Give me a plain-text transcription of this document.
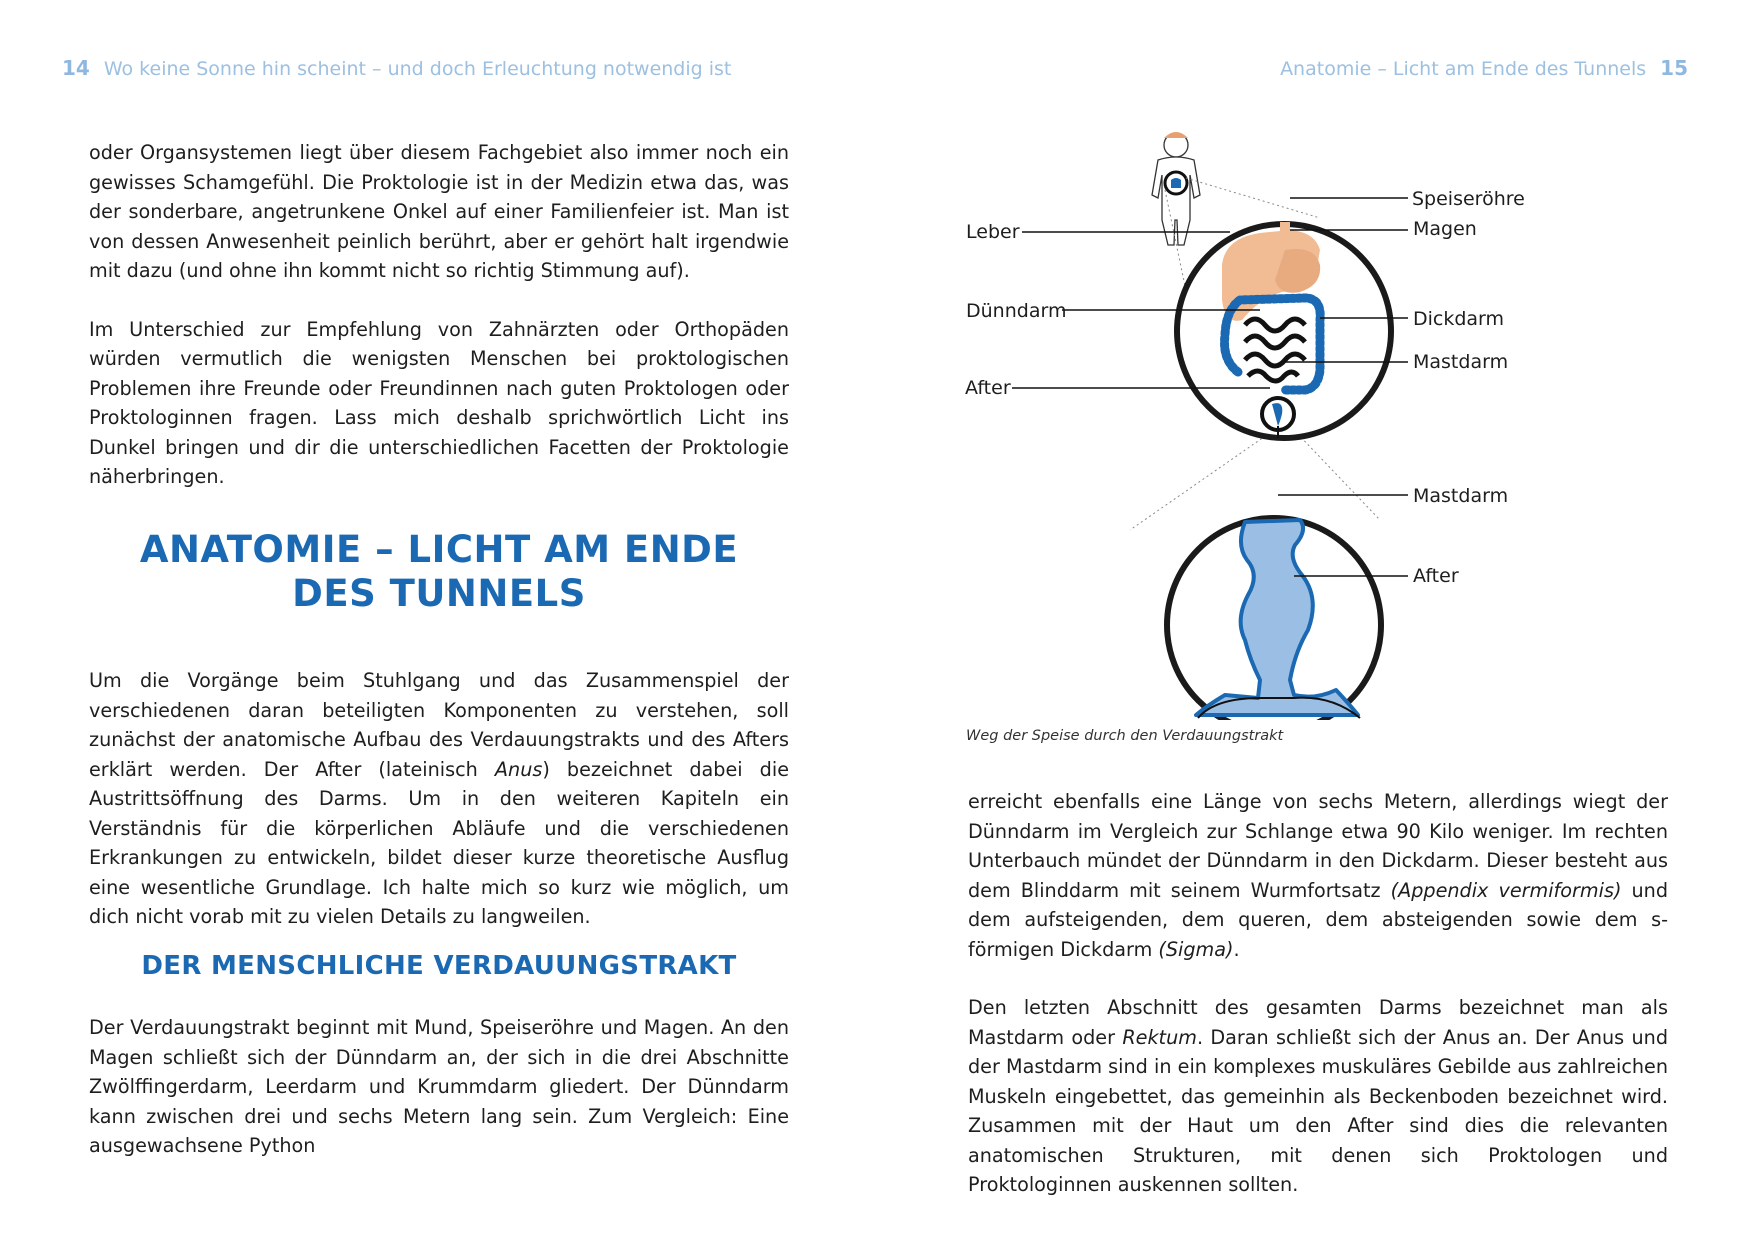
14 Wo keine Sonne hin scheint – und doch Erleuchtung notwendig ist	Anatomie – Licht am Ende des Tunnels 15

oder Organsystemen liegt über diesem Fachgebiet also immer noch ein gewisses Schamgefühl. Die Proktologie ist in der Medizin etwa das, was der sonderbare, angetrunkene Onkel auf einer Familienfeier ist. Man ist von dessen Anwesenheit peinlich berührt, aber er gehört halt irgendwie mit dazu (und ohne ihn kommt nicht so richtig Stimmung auf).

Im Unterschied zur Empfehlung von Zahnärzten oder Orthopäden würden vermutlich die wenigsten Menschen bei proktologischen Problemen ihre Freunde oder Freundinnen nach guten Proktologen oder Proktologinnen fragen. Lass mich deshalb sprichwörtlich Licht ins Dunkel bringen und dir die unterschiedlichen Facetten der Proktologie näherbringen.

ANATOMIE – LICHT AM ENDE
DES TUNNELS

Um die Vorgänge beim Stuhlgang und das Zusammenspiel der verschiedenen daran beteiligten Komponenten zu verstehen, soll zunächst der anatomische Aufbau des Verdauungstrakts und des Afters erklärt werden. Der After (lateinisch Anus) bezeichnet dabei die Austrittsöffnung des Darms. Um in den weiteren Kapiteln ein Verständnis für die körperlichen Abläufe und die verschiedenen Erkrankungen zu entwickeln, bildet dieser kurze theoretische Ausflug eine wesentliche Grundlage. Ich halte mich so kurz wie möglich, um dich nicht vorab mit zu vielen Details zu langweilen.

DER MENSCHLICHE VERDAUUNGSTRAKT

Der Verdauungstrakt beginnt mit Mund, Speiseröhre und Magen. An den Magen schließt sich der Dünndarm an, der sich in die drei Abschnitte Zwölffingerdarm, Leerdarm und Krummdarm gliedert. Der Dünndarm kann zwischen drei und sechs Metern lang sein. Zum Vergleich: Eine ausgewachsene Python

Speiseröhre
Magen
Leber
Dünndarm	Dickdarm
Mastdarm
After
Mastdarm
After
Weg der Speise durch den Verdauungstrakt

erreicht ebenfalls eine Länge von sechs Metern, allerdings wiegt der Dünndarm im Vergleich zur Schlange etwa 90 Kilo weniger. Im rechten Unterbauch mündet der Dünndarm in den Dickdarm. Dieser besteht aus dem Blinddarm mit seinem Wurmfortsatz (Appendix vermiformis) und dem aufsteigenden, dem queren, dem absteigenden sowie dem s-förmigen Dickdarm (Sigma).

Den letzten Abschnitt des gesamten Darms bezeichnet man als Mastdarm oder Rektum. Daran schließt sich der Anus an. Der Anus und der Mastdarm sind in ein komplexes muskuläres Gebilde aus zahlreichen Muskeln eingebettet, das gemeinhin als Beckenboden bezeichnet wird. Zusammen mit der Haut um den After sind dies die relevanten anatomischen Strukturen, mit denen sich Proktologen und Proktologinnen auskennen sollten.
